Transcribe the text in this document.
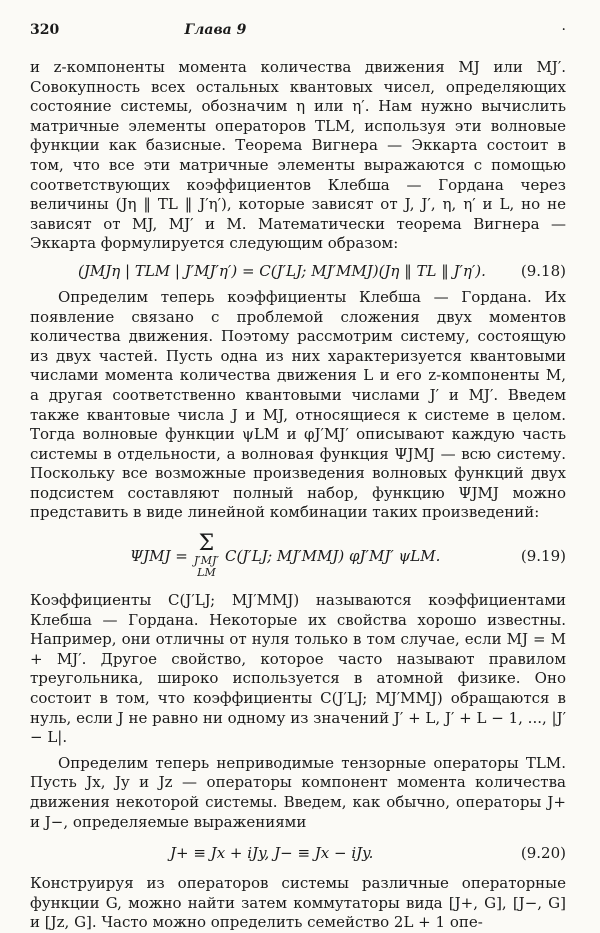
320	Глава 9	·

и z-компоненты момента количества движения MJ или MJ′. Совокупность всех остальных квантовых чисел, определяющих состояние системы, обозначим η или η′. Нам нужно вычислить матричные элементы операторов TLM, используя эти волновые функции как базисные. Теорема Вигнера — Эккарта состоит в том, что все эти матричные элементы выражаются с помощью соответствующих коэффициентов Клебша — Гордана через величины (Jη ‖ TL ‖ J′η′), которые зависят от J, J′, η, η′ и L, но не зависят от MJ, MJ′ и M. Математически теорема Вигнера — Эккарта формулируется следующим образом:

(JMJη | TLM | J′MJ′η′) = C(J′LJ; MJ′MMJ)(Jη ‖ TL ‖ J′η′). (9.18)

Определим теперь коэффициенты Клебша — Гордана. Их появление связано с проблемой сложения двух моментов количества движения. Поэтому рассмотрим систему, состоящую из двух частей. Пусть одна из них характеризуется квантовыми числами момента количества движения L и его z-компоненты M, а другая соответственно квантовыми числами J′ и MJ′. Введем также квантовые числа J и MJ, относящиеся к системе в целом. Тогда волновые функции ψLM и φJ′MJ′ описывают каждую часть системы в отдельности, а волновая функция ΨJMJ — всю систему. Поскольку все возможные произведения волновых функций двух подсистем составляют полный набор, функцию ΨJMJ можно представить в виде линейной комбинации таких произведений:

ΨJMJ = Σ
J′MJ′
LM
C(J′LJ; MJ′MMJ) φJ′MJ′ ψLM.	(9.19)

Коэффициенты C(J′LJ; MJ′MMJ) называются коэффициентами Клебша — Гордана. Некоторые их свойства хорошо известны. Например, они отличны от нуля только в том случае, если MJ = M + MJ′. Другое свойство, которое часто называют правилом треугольника, широко используется в атомной физике. Оно состоит в том, что коэффициенты C(J′LJ; MJ′MMJ) обращаются в нуль, если J не равно ни одному из значений J′ + L, J′ + L − 1, ..., |J′ − L|.

Определим теперь неприводимые тензорные операторы TLM. Пусть Jx, Jy и Jz — операторы компонент момента количества движения некоторой системы. Введем, как обычно, операторы J+ и J−, определяемые выражениями

J+ ≡ Jx + iJy, J− ≡ Jx − iJy.	(9.20)

Конструируя из операторов системы различные операторные функции G, можно найти затем коммутаторы вида [J+, G], [J−, G] и [Jz, G]. Часто можно определить семейство 2L + 1 опе-
